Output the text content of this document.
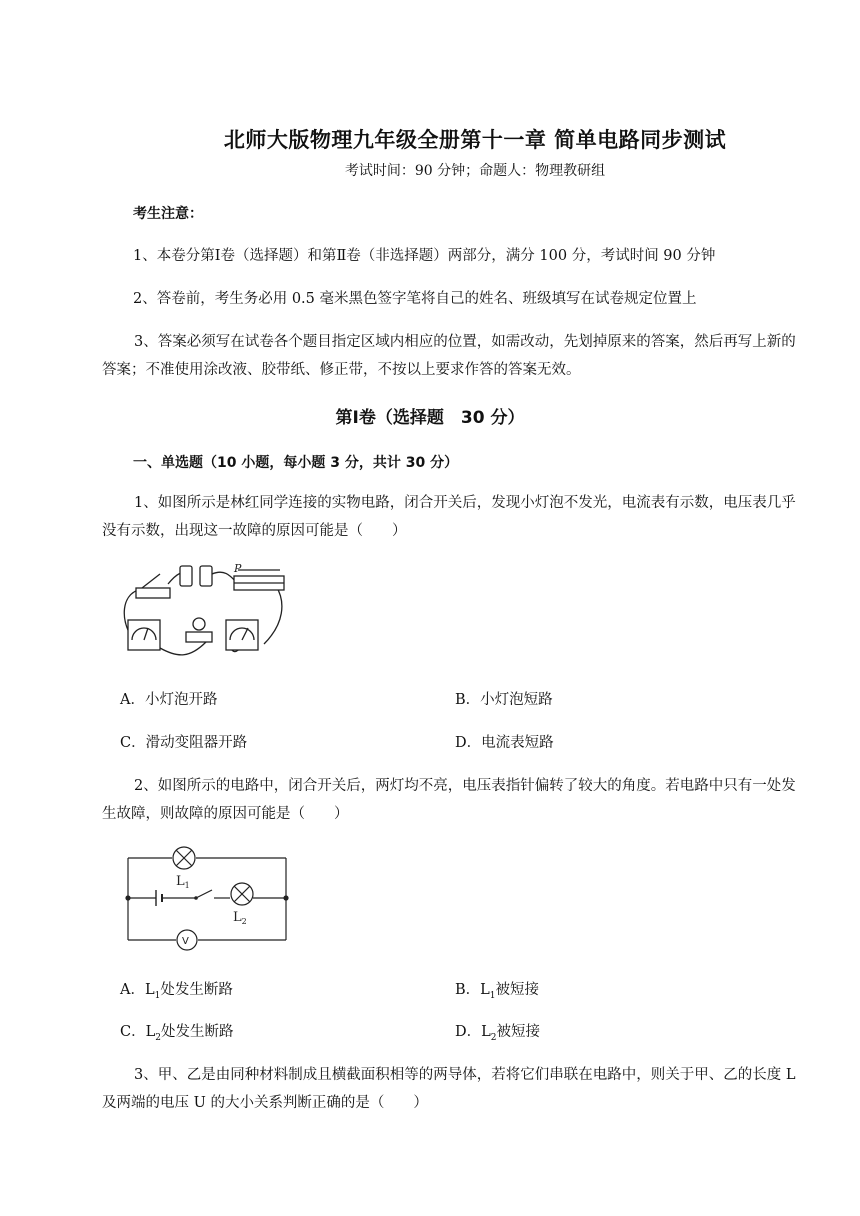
北师大版物理九年级全册第十一章 简单电路同步测试
考试时间：90 分钟；命题人：物理教研组
考生注意：
1、本卷分第Ⅰ卷（选择题）和第Ⅱ卷（非选择题）两部分，满分 100 分，考试时间 90 分钟
2、答卷前，考生务必用 0.5 毫米黑色签字笔将自己的姓名、班级填写在试卷规定位置上
3、答案必须写在试卷各个题目指定区域内相应的位置，如需改动，先划掉原来的答案，然后再写上新的答案；不准使用涂改液、胶带纸、修正带，不按以上要求作答的答案无效。
第Ⅰ卷（选择题　30 分）
一、单选题（10 小题，每小题 3 分，共计 30 分）
1、如图所示是林红同学连接的实物电路，闭合开关后，发现小灯泡不发光，电流表有示数，电压表几乎没有示数，出现这一故障的原因可能是（　　）
P
A．小灯泡开路	B．小灯泡短路
C．滑动变阻器开路	D．电流表短路
2、如图所示的电路中，闭合开关后，两灯均不亮，电压表指针偏转了较大的角度。若电路中只有一处发生故障，则故障的原因可能是（　　）
$L_1$
$L_2$
V
A．$L_1$处发生断路	B．$L_1$被短接
C．$L_2$处发生断路	D．$L_2$被短接
3、甲、乙是由同种材料制成且横截面积相等的两导体，若将它们串联在电路中，则关于甲、乙的长度 L 及两端的电压 U 的大小关系判断正确的是（　　）
